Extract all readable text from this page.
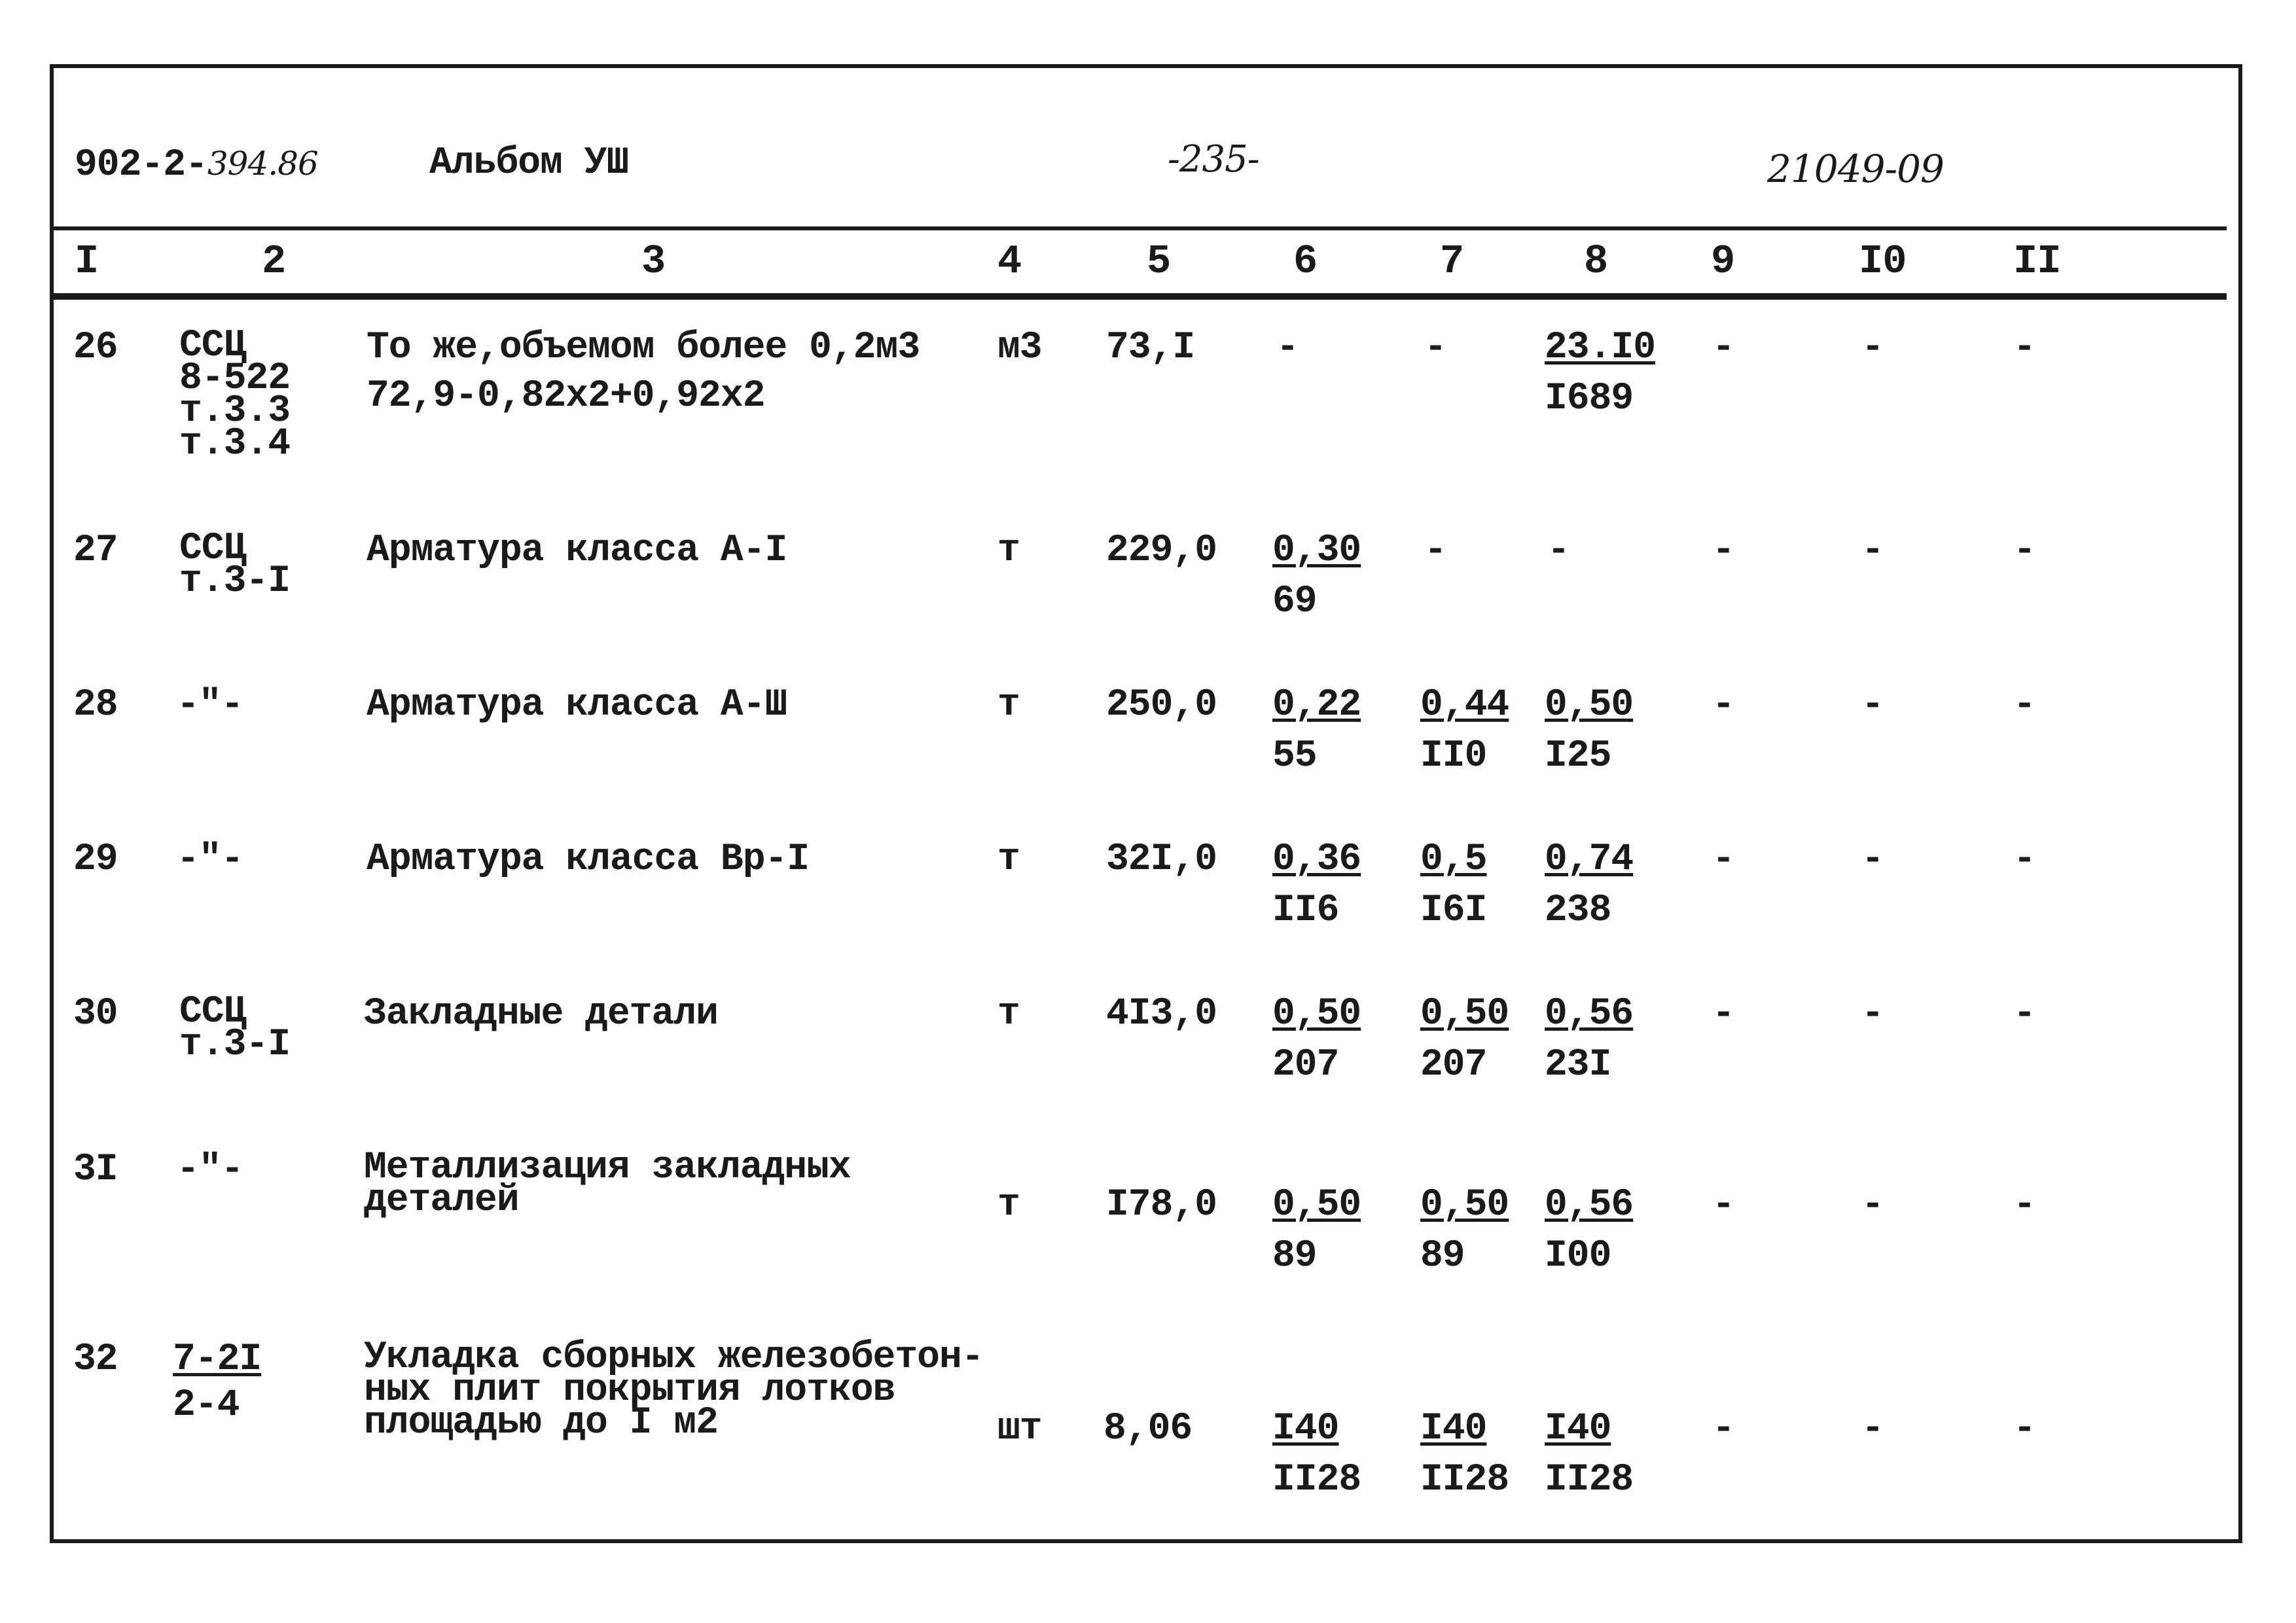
902-2-394.86	Альбом УШ	-235-	21049-09
I	2	3	4	5	6	7	8	9	I0	II
26 ССЦ
8-522
т.3.3
т.3.4
То же,объемом более 0,2м3
72,9-0,82x2+0,92x2
м3 73,I -	-	$\frac{23.I0}{I689}$ -	-	-
27 ССЦ
т.3-I
Арматура класса А-I	т $229,0 \frac{0,30}{69}$ -	-	-	-	-
28 -"-	Арматура класса А-Ш	т $250,0 \frac{0,22}{55} \frac{0,44}{II0} \frac{0,50}{I25}$ -	-	-
29 -"-	Арматура класса Вр-I	т $32I,0 \frac{0,36}{II6} \frac{0,5}{I6I} \frac{0,74}{238}$ -	-	-
30 ССЦ
т.3-I
Закладные детали	т $4I3,0 \frac{0,50}{207} \frac{0,50}{207} \frac{0,56}{23I}$ -	-	-
3I -"-	Металлизация закладных
деталей	т $I78,0 \frac{0,50}{89} \frac{0,50}{89} \frac{0,56}{I00}$ -	-	-
$32 \frac{7-2I}{2-4}$	Укладка сборных железобетон-
ных плит покрытия лотков
площадью до I м2	шт $8,06 \frac{I40}{II28} \frac{I40}{II28} \frac{I40}{II28}$ -	-	-
